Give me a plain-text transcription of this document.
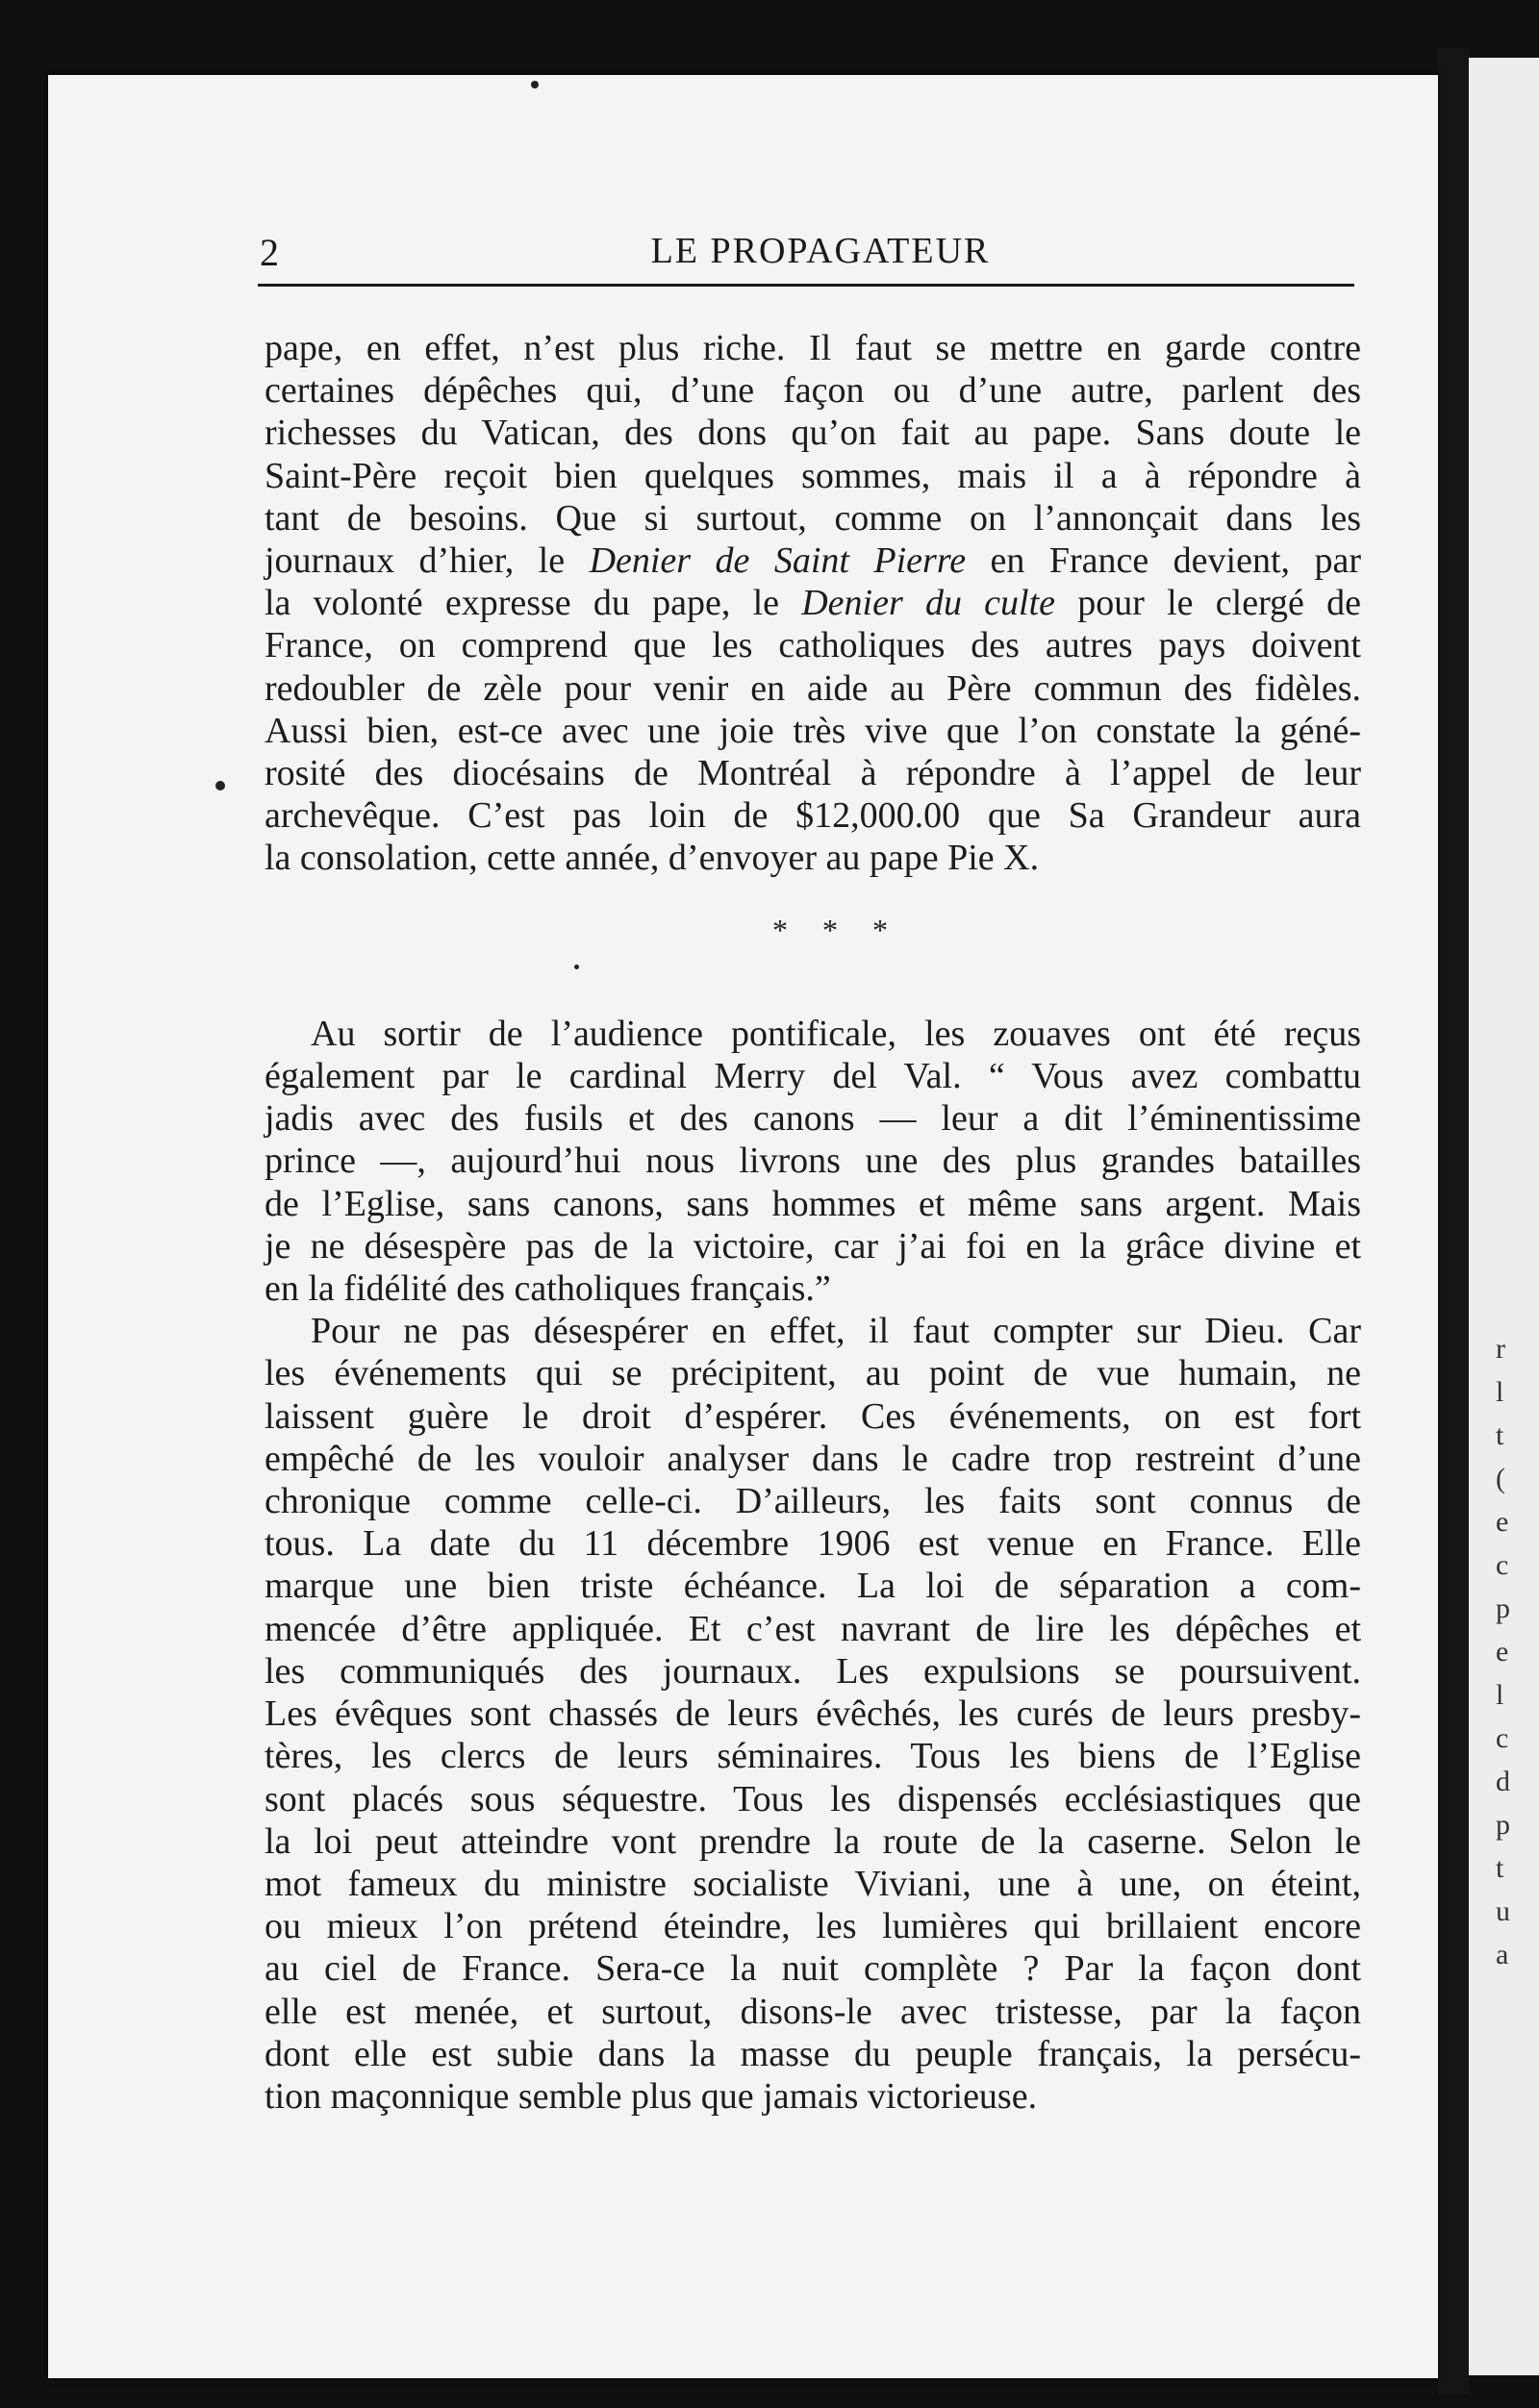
r
l
t
(
e
c
p
e
l
c
d
p
t
u
a
2	LE PROPAGATEUR

pape, en effet, n’est plus riche. Il faut se mettre en garde contre
certaines dépêches qui, d’une façon ou d’une autre, parlent des
richesses du Vatican, des dons qu’on fait au pape. Sans doute le
Saint-Père reçoit bien quelques sommes, mais il a à répondre à
tant de besoins. Que si surtout, comme on l’annonçait dans les
journaux d’hier, le Denier de Saint Pierre en France devient, par
la volonté expresse du pape, le Denier du culte pour le clergé de
France, on comprend que les catholiques des autres pays doivent
redoubler de zèle pour venir en aide au Père commun des fidèles.
Aussi bien, est-ce avec une joie très vive que l’on constate la géné-
rosité des diocésains de Montréal à répondre à l’appel de leur
archevêque. C’est pas loin de $12,000.00 que Sa Grandeur aura
la consolation, cette année, d’envoyer au pape Pie X.

* * *

Au sortir de l’audience pontificale, les zouaves ont été reçus
également par le cardinal Merry del Val. “ Vous avez combattu
jadis avec des fusils et des canons — leur a dit l’éminentissime
prince —, aujourd’hui nous livrons une des plus grandes batailles
de l’Eglise, sans canons, sans hommes et même sans argent. Mais
je ne désespère pas de la victoire, car j’ai foi en la grâce divine et
en la fidélité des catholiques français.”

Pour ne pas désespérer en effet, il faut compter sur Dieu. Car
les événements qui se précipitent, au point de vue humain, ne
laissent guère le droit d’espérer. Ces événements, on est fort
empêché de les vouloir analyser dans le cadre trop restreint d’une
chronique comme celle-ci. D’ailleurs, les faits sont connus de
tous. La date du 11 décembre 1906 est venue en France. Elle
marque une bien triste échéance. La loi de séparation a com-
mencée d’être appliquée. Et c’est navrant de lire les dépêches et
les communiqués des journaux. Les expulsions se poursuivent.
Les évêques sont chassés de leurs évêchés, les curés de leurs presby-
tères, les clercs de leurs séminaires. Tous les biens de l’Eglise
sont placés sous séquestre. Tous les dispensés ecclésiastiques que
la loi peut atteindre vont prendre la route de la caserne. Selon le
mot fameux du ministre socialiste Viviani, une à une, on éteint,
ou mieux l’on prétend éteindre, les lumières qui brillaient encore
au ciel de France. Sera-ce la nuit complète ? Par la façon dont
elle est menée, et surtout, disons-le avec tristesse, par la façon
dont elle est subie dans la masse du peuple français, la persécu-
tion maçonnique semble plus que jamais victorieuse.
